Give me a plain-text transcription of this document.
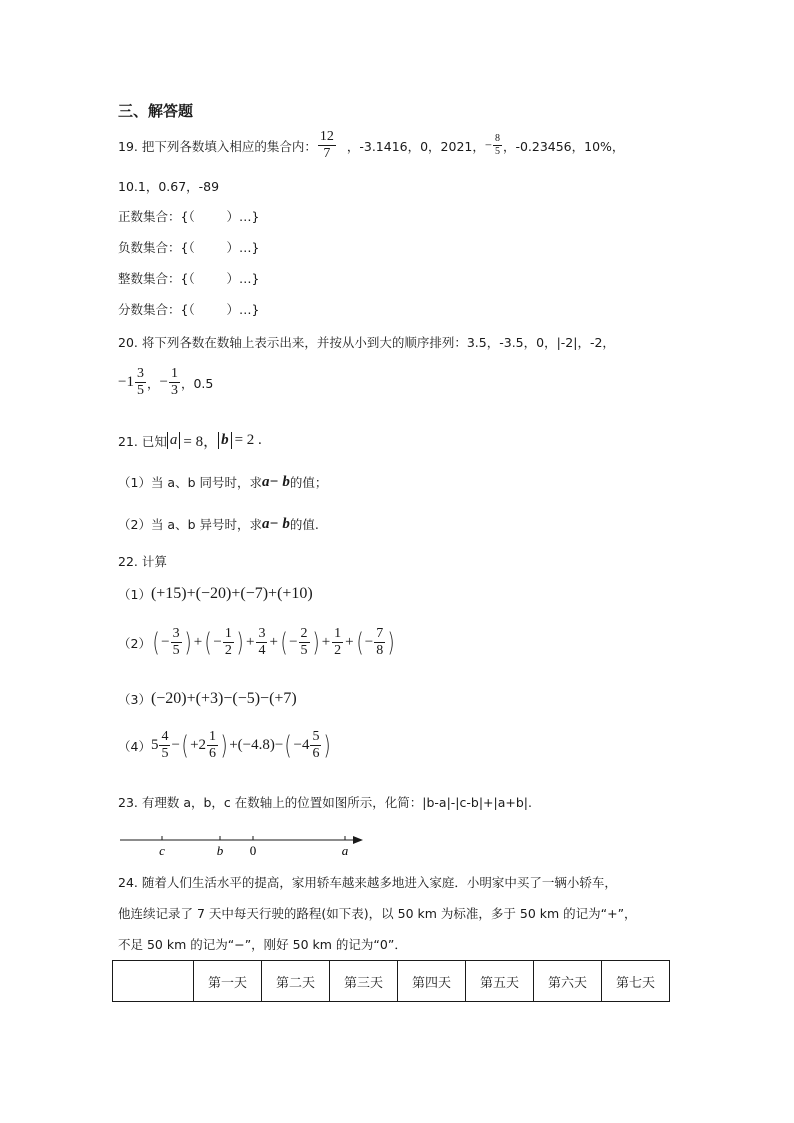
三、解答题
19. 把下列各数填入相应的集合内： $\frac{12}{7}$ ，-3.1416，0，2021， − $\frac{8}{5}$ ，-0.23456，10%，
10.1，0.67，-89
正数集合： {（        ）…}
负数集合： {（        ）…}
整数集合： {（        ）…}
分数集合： {（        ）…}
20. 将下列各数在数轴上表示出来，并按从小到大的顺序排列：3.5，-3.5，0，|-2|，-2，
$-1 \frac{3}{5}$ ， − $\frac{1}{3}$ ，0.5
21. 已知 a = 8， b = 2 .
（1）当 a、b 同号时，求 a− b 的值；
（2）当 a、b 异号时，求 a− b 的值.
22. 计算
（1） (+15)+(−20)+(−7)+(+10)
（2） ( − $\frac{3}{5}$ ) + ( − $\frac{1}{2}$ ) + $\frac{3}{4}$ + ( − $\frac{2}{5}$ ) + $\frac{1}{2}$ + ( − $\frac{7}{8}$ )
（3） (−20)+(+3)−(−5)−(+7)
（4） $5 \frac{4}{5}$ − ( $+2 \frac{1}{6}$ ) +(−4.8)− ( $-4 \frac{5}{6}$ )
23. 有理数 a，b，c 在数轴上的位置如图所示，化简：|b-a|-|c-b|+|a+b|.
c	b 0	a
24. 随着人们生活水平的提高，家用轿车越来越多地进入家庭．小明家中买了一辆小轿车，
他连续记录了 7 天中每天行驶的路程(如下表)，以 50 km 为标准，多于 50 km 的记为“+”，
不足 50 km 的记为“−”，刚好 50 km 的记为“0”．
	第一天	第二天	第三天	第四天	第五天	第六天	第七天
